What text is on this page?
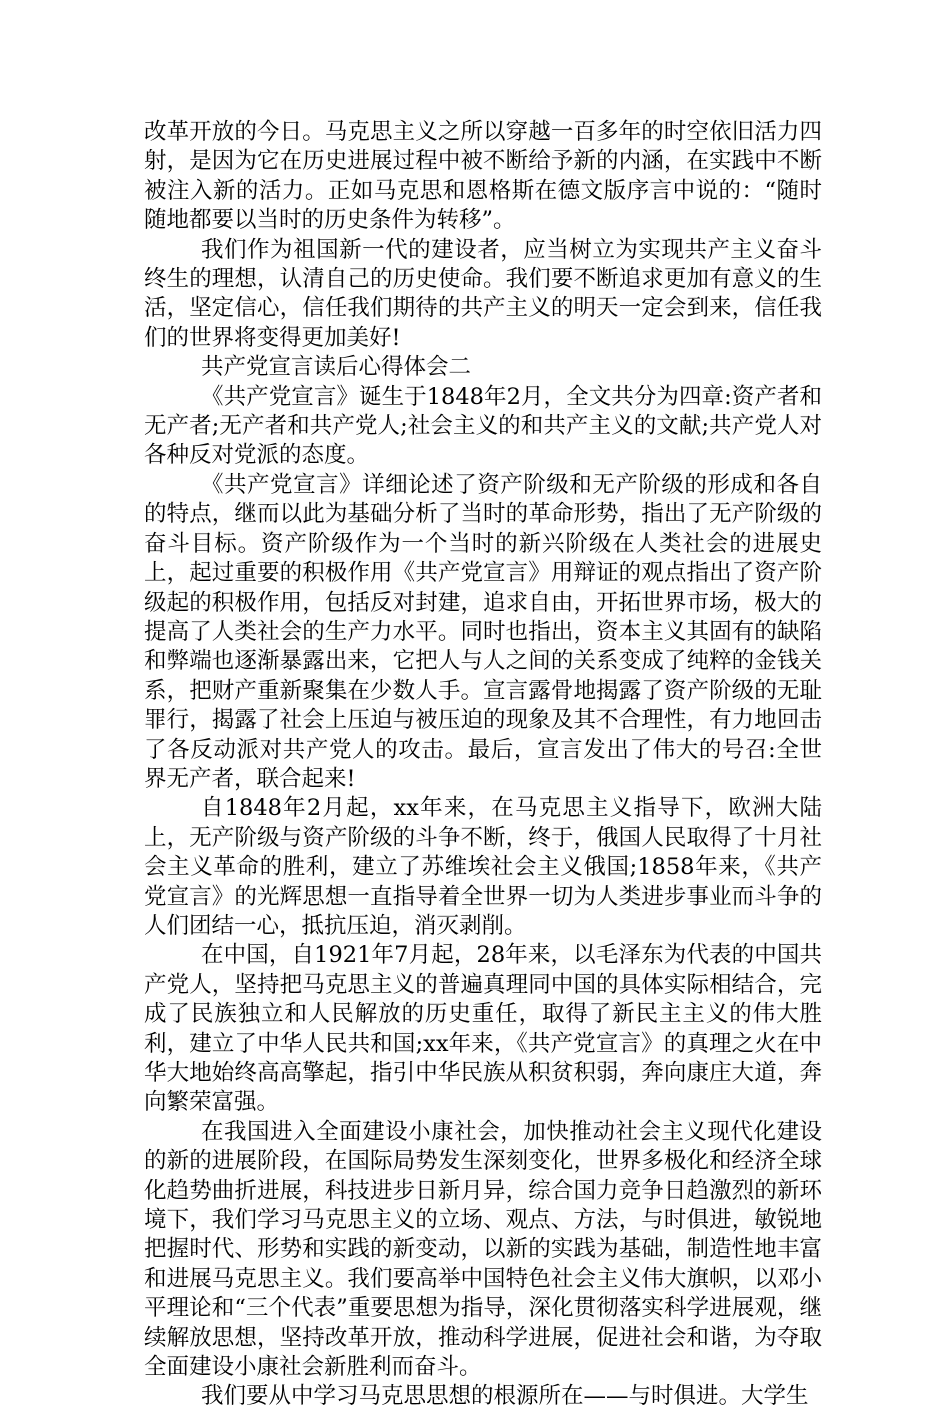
改革开放的今日。马克思主义之所以穿越一百多年的时空依旧活力四射，是因为它在历史进展过程中被不断给予新的内涵，在实践中不断被注入新的活力。正如马克思和恩格斯在德文版序言中说的：“随时随地都要以当时的历史条件为转移”。

我们作为祖国新一代的建设者，应当树立为实现共产主义奋斗终生的理想，认清自己的历史使命。我们要不断追求更加有意义的生活，坚定信心，信任我们期待的共产主义的明天一定会到来，信任我们的世界将变得更加美好!

共产党宣言读后心得体会二

《共产党宣言》诞生于1848年2月，全文共分为四章:资产者和无产者;无产者和共产党人;社会主义的和共产主义的文献;共产党人对各种反对党派的态度。

《共产党宣言》详细论述了资产阶级和无产阶级的形成和各自的特点，继而以此为基础分析了当时的革命形势，指出了无产阶级的奋斗目标。资产阶级作为一个当时的新兴阶级在人类社会的进展史上，起过重要的积极作用《共产党宣言》用辩证的观点指出了资产阶级起的积极作用，包括反对封建，追求自由，开拓世界市场，极大的提高了人类社会的生产力水平。同时也指出，资本主义其固有的缺陷和弊端也逐渐暴露出来，它把人与人之间的关系变成了纯粹的金钱关系，把财产重新聚集在少数人手。宣言露骨地揭露了资产阶级的无耻罪行，揭露了社会上压迫与被压迫的现象及其不合理性，有力地回击了各反动派对共产党人的攻击。最后，宣言发出了伟大的号召:全世界无产者，联合起来!

自1848年2月起，xx年来，在马克思主义指导下，欧洲大陆上，无产阶级与资产阶级的斗争不断，终于，俄国人民取得了十月社会主义革命的胜利，建立了苏维埃社会主义俄国;1858年来，《共产党宣言》的光辉思想一直指导着全世界一切为人类进步事业而斗争的人们团结一心，抵抗压迫，消灭剥削。

在中国，自1921年7月起，28年来，以毛泽东为代表的中国共产党人，坚持把马克思主义的普遍真理同中国的具体实际相结合，完成了民族独立和人民解放的历史重任，取得了新民主主义的伟大胜利，建立了中华人民共和国;xx年来，《共产党宣言》的真理之火在中华大地始终高高擎起，指引中华民族从积贫积弱，奔向康庄大道，奔向繁荣富强。

在我国进入全面建设小康社会，加快推动社会主义现代化建设的新的进展阶段，在国际局势发生深刻变化，世界多极化和经济全球化趋势曲折进展，科技进步日新月异，综合国力竞争日趋激烈的新环境下，我们学习马克思主义的立场、观点、方法，与时俱进，敏锐地把握时代、形势和实践的新变动，以新的实践为基础，制造性地丰富和进展马克思主义。我们要高举中国特色社会主义伟大旗帜，以邓小平理论和“三个代表”重要思想为指导，深化贯彻落实科学进展观，继续解放思想，坚持改革开放，推动科学进展，促进社会和谐，为夺取全面建设小康社会新胜利而奋斗。

我们要从中学习马克思思想的根源所在——与时俱进。大学生
